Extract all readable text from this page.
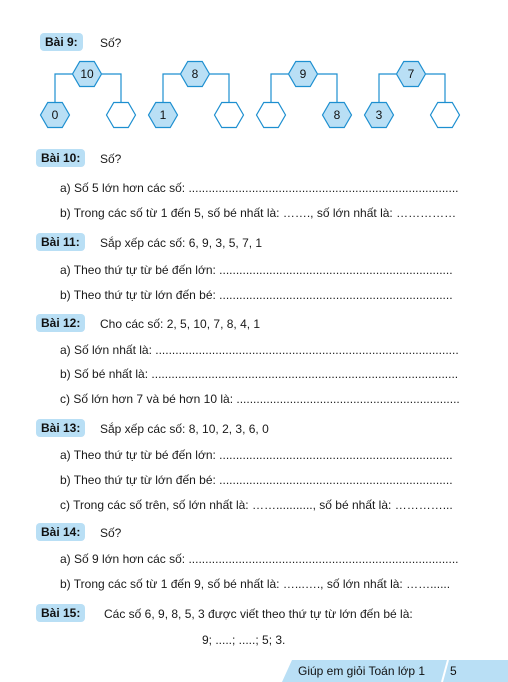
Bài 9:	Số?
10
0
8
1
9
8
7
3
Bài 10:	Số?
a) Số 5 lớn hơn các số: .................................................................................
b) Trong các số từ 1 đến 5, số bé nhất là: ……., số lớn nhất là: ……………
Bài 11:	Sắp xếp các số: 6, 9, 3, 5, 7, 1
a) Theo thứ tự từ bé đến lớn: ......................................................................
b) Theo thứ tự từ lớn đến bé: ......................................................................
Bài 12:	Cho các số: 2, 5, 10, 7, 8, 4, 1
a) Số lớn nhất là: ...........................................................................................
b) Số bé nhất là: ............................................................................................
c) Số lớn hơn 7 và bé hơn 10 là: ...................................................................
Bài 13:	Sắp xếp các số: 8, 10, 2, 3, 6, 0
a) Theo thứ tự từ bé đến lớn: ......................................................................
b) Theo thứ tự từ lớn đến bé: ......................................................................
c) Trong các số trên, số lớn nhất là: ……..........., số bé nhất là: …………...
Bài 14:	Số?
a) Số 9 lớn hơn các số: .................................................................................
b) Trong các số từ 1 đến 9, số bé nhất là: …...…., số lớn nhất là: ……......
Bài 15:	Các số 6, 9, 8, 5, 3 được viết theo thứ tự từ lớn đến bé là:
9; .....; .....; 5; 3.
Giúp em giỏi Toán lớp 1 5
